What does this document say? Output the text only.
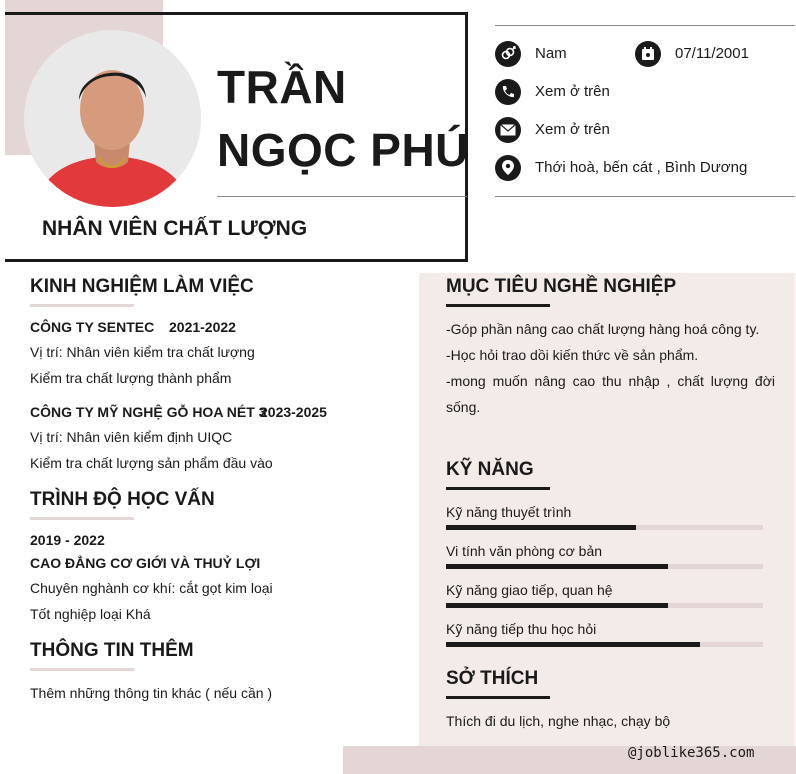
TRẦN
NGỌC PHÚ
NHÂN VIÊN CHẤT LƯỢNG
Nam	07/11/2001
Xem ở trên
Xem ở trên
Thới hoà, bến cát , Bình Dương
KINH NGHIỆM LÀM VIỆC
CÔNG TY SENTEC 2021-2022
Vị trí: Nhân viên kiểm tra chất lượng
Kiểm tra chất lượng thành phẩm
CÔNG TY MỸ NGHỆ GỖ HOA NÉT 3
2023-2025
Vị trí: Nhân viên kiểm định UIQC
Kiểm tra chất lượng sản phẩm đầu vào
TRÌNH ĐỘ HỌC VẤN
2019 - 2022
CAO ĐẲNG CƠ GIỚI VÀ THUỶ LỢI
Chuyên nghành cơ khí: cắt gọt kim loại
Tốt nghiệp loại Khá
THÔNG TIN THÊM
Thêm những thông tin khác ( nếu cần )
MỤC TIÊU NGHỀ NGHIỆP

-Góp phần nâng cao chất lượng hàng hoá công ty.

-Học hỏi trao dồi kiến thức về sản phẩm.

-mong muốn nâng cao thu nhập , chất lượng đời sống.

KỸ NĂNG
Kỹ năng thuyết trình
Vi tính văn phòng cơ bản
Kỹ năng giao tiếp, quan hệ
Kỹ năng tiếp thu học hỏi
SỞ THÍCH
Thích đi du lịch, nghe nhạc, chạy bộ
@joblike365.com
